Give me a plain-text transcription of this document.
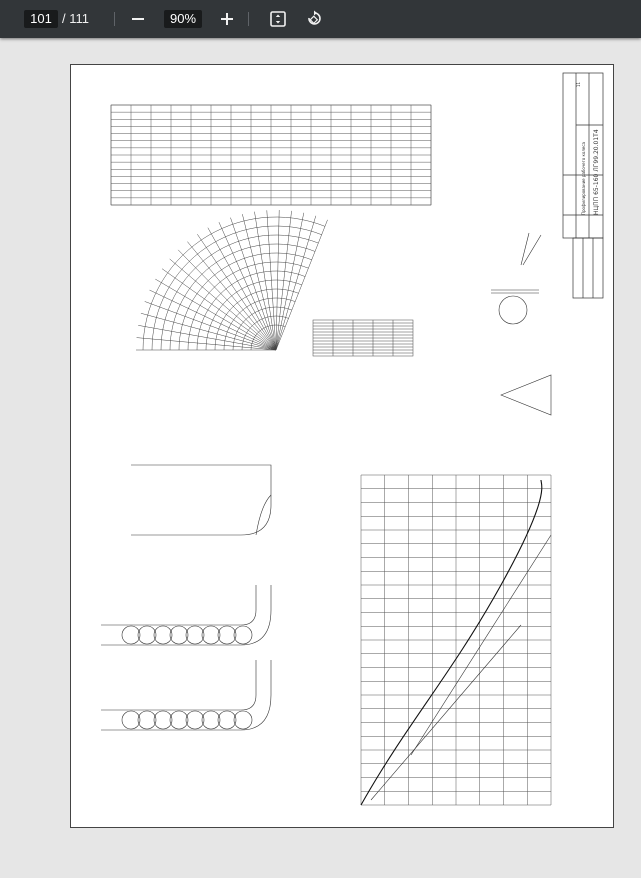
101 / 111	90%
НЦПП 65-160 ЛГ99.20.01Т4
Профилирование рабочего колеса
11
